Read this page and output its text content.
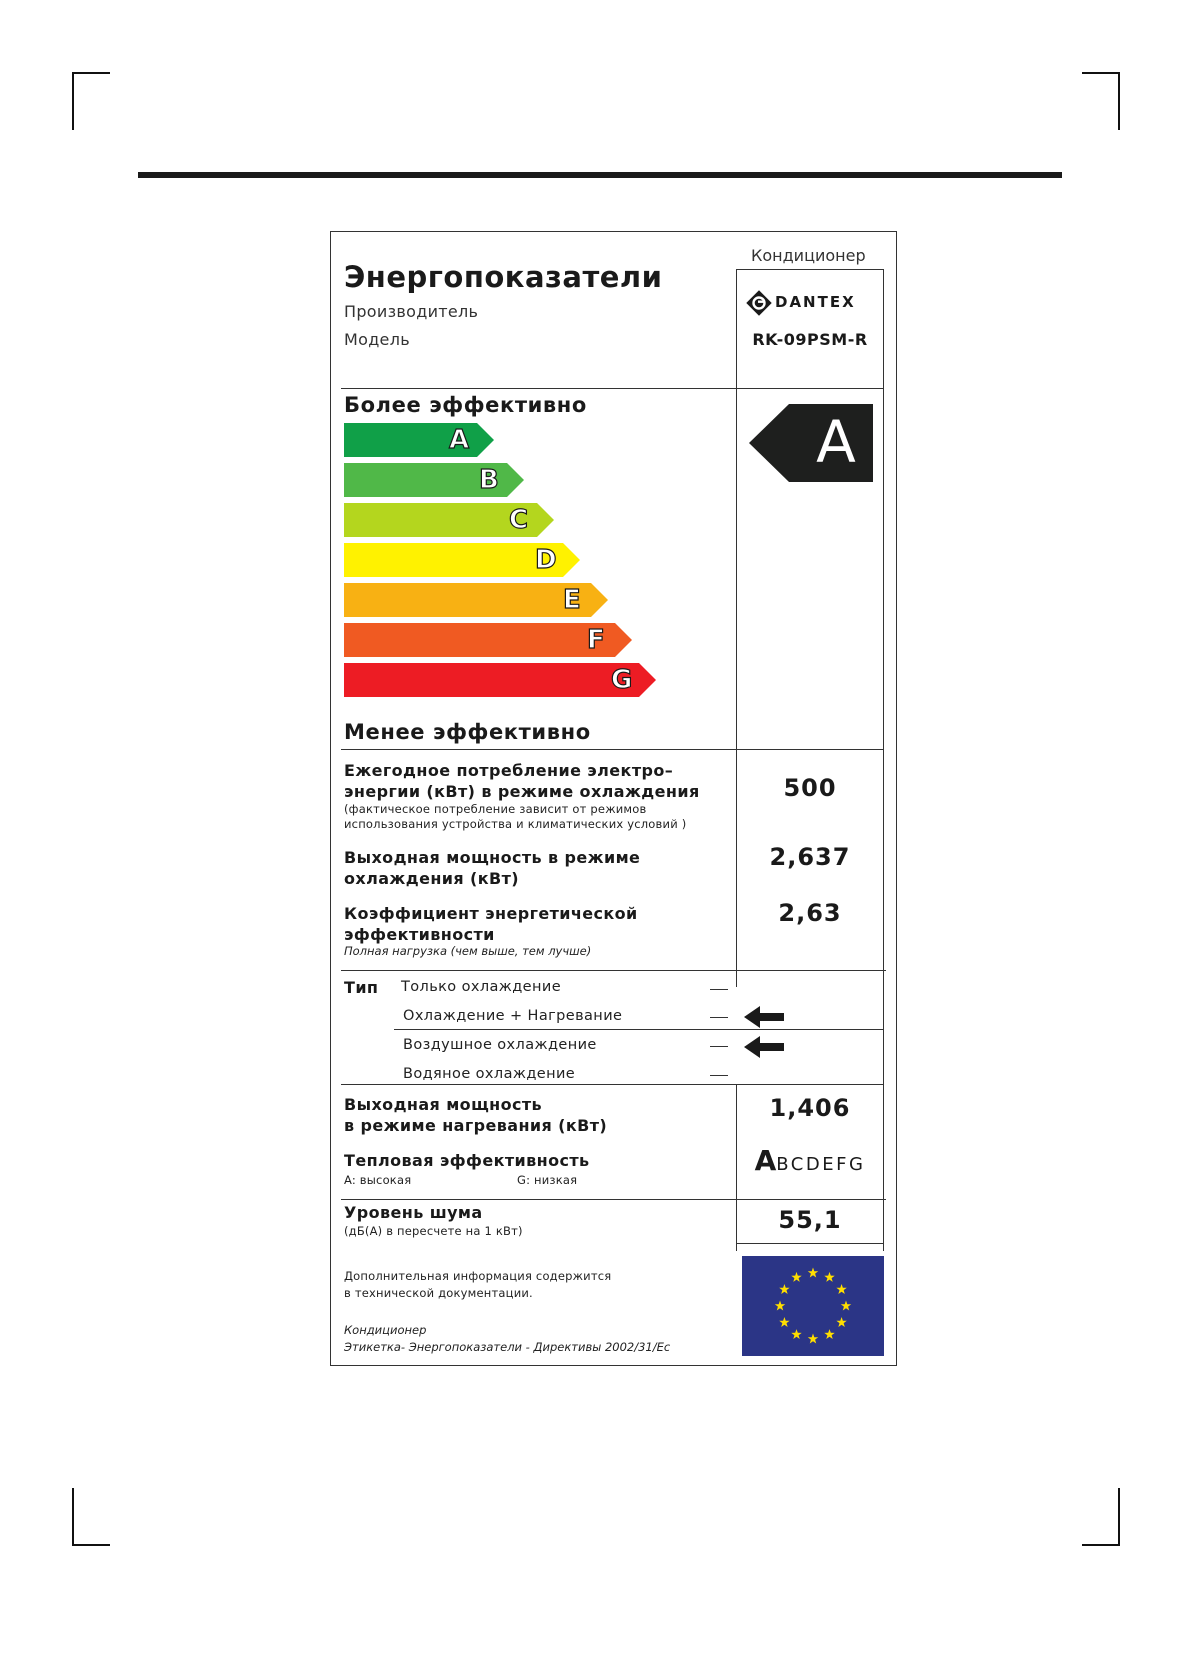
Кондиционер
Энергопоказатели
Производитель
Модель
DANTEX
RK-09PSM-R
Более эффективно
A
B
C
D
E
F
G
Менее эффективно
A
Ежегодное потребление электро–
энергии (кВт) в режиме охлаждения
(фактическое потребление зависит от режимов
использования устройства и климатических условий )
500
Выходная мощность в режиме
охлаждения (кВт)
2,637
Коэффициент энергетической
эффективности
Полная нагрузка (чем выше, тем лучше)
2,63
Тип Только охлаждение
Охлаждение + Нагревание
Воздушное охлаждение
Водяное охлаждение
Выходная мощность
в режиме нагревания (кВт)
1,406
Тепловая эффективность
A: высокая	G: низкая
ABCDEFG
Уровень шума
(дБ(А) в пересчете на 1 кВт)	55,1
Дополнительная информация содержится
в технической документации.
Кондиционер
Этикетка- Энергопоказатели - Директивы 2002/31/Ec
